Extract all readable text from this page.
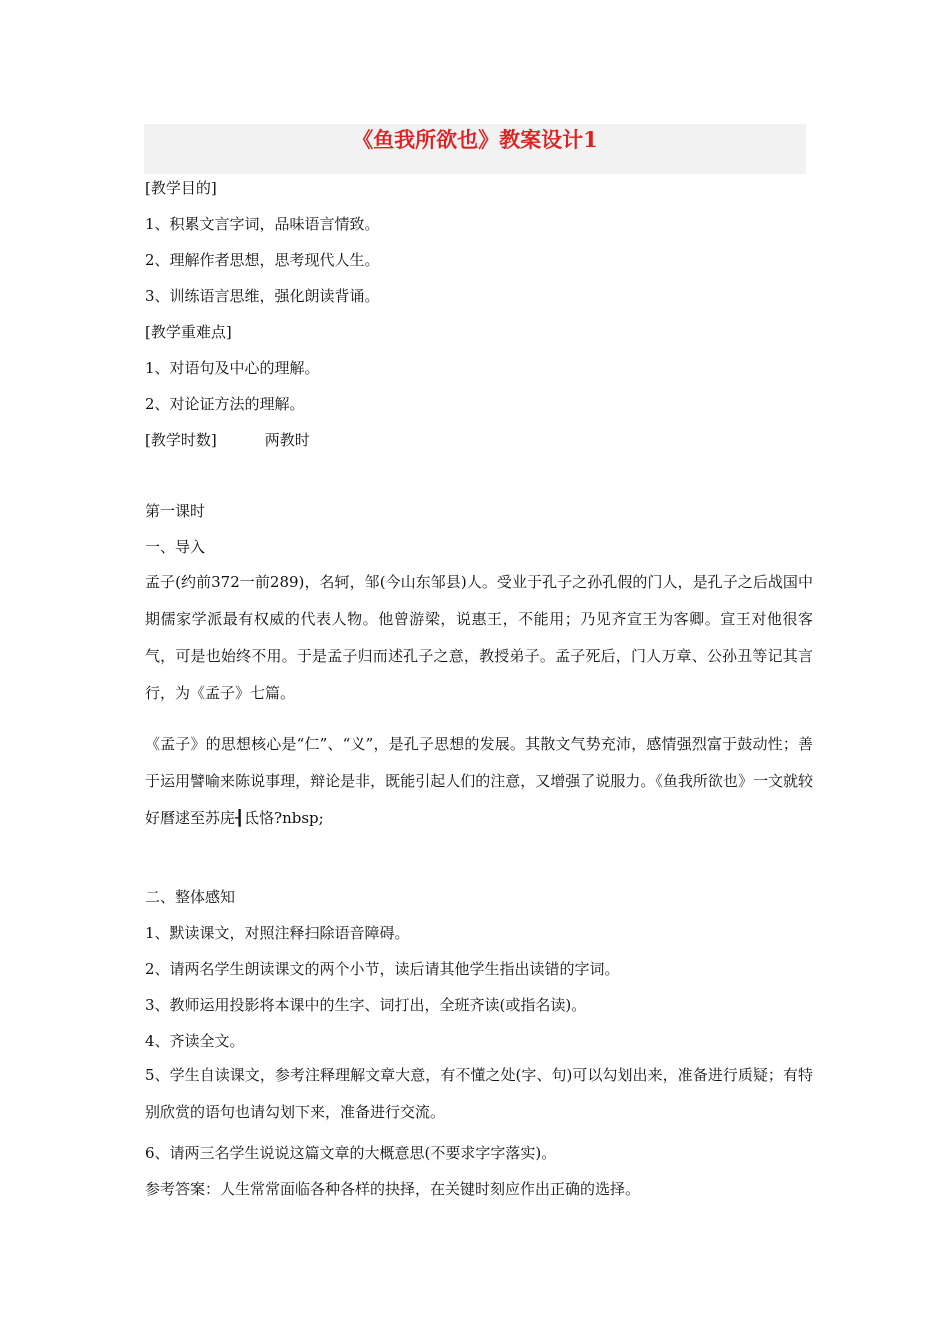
《鱼我所欲也》教案设计1
[教学目的]
1、积累文言字词，品味语言情致。
2、理解作者思想，思考现代人生。
3、训练语言思维，强化朗读背诵。
[教学重难点]
1、对语句及中心的理解。
2、对论证方法的理解。
[教学时数]	两教时
第一课时
一、导入
孟子(约前372一前289)，名轲，邹(今山东邹县)人。受业于孔子之孙孔假的门人，是孔子之后战国中期儒家学派最有权威的代表人物。他曾游梁，说惠王，不能用；乃见齐宣王为客卿。宣王对他很客气，可是也始终不用。于是孟子归而述孔子之意，教授弟子。孟子死后，门人万章、公孙丑等记其言行，为《孟子》七篇。
《孟子》的思想核心是“仁”、“义”，是孔子思想的发展。其散文气势充沛，感情强烈富于鼓动性；善于运用譬喻来陈说事理，辩论是非，既能引起人们的注意，又增强了说服力。《鱼我所欲也》一文就较好曆逑至苏庑┨氐恪?nbsp;
二、整体感知
1、默读课文，对照注释扫除语音障碍。
2、请两名学生朗读课文的两个小节，读后请其他学生指出读错的字词。
3、教师运用投影将本课中的生字、词打出，全班齐读(或指名读)。
4、齐读全文。
5、学生自读课文，参考注释理解文章大意，有不懂之处(字、句)可以勾划出来，准备进行质疑；有特别欣赏的语句也请勾划下来，准备进行交流。
6、请两三名学生说说这篇文章的大概意思(不要求字字落实)。
参考答案：人生常常面临各种各样的抉择，在关键时刻应作出正确的选择。
